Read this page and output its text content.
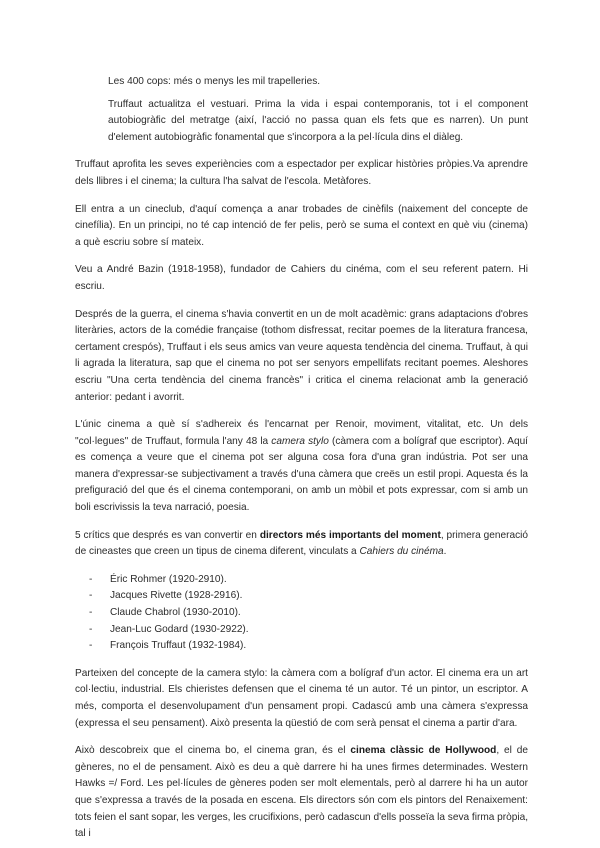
Les 400 cops: més o menys les mil trapelleries.

Truffaut actualitza el vestuari. Prima la vida i espai contemporanis, tot i el component autobiogràfic del metratge (així, l'acció no passa quan els fets que es narren). Un punt d'element autobiogràfic fonamental que s'incorpora a la pel·lícula dins el diàleg.

Truffaut aprofita les seves experiències com a espectador per explicar històries pròpies.Va aprendre dels llibres i el cinema; la cultura l'ha salvat de l'escola. Metàfores.

Ell entra a un cineclub, d'aquí comença a anar trobades de cinèfils (naixement del concepte de cinefília). En un principi, no té cap intenció de fer pelis, però se suma el context en què viu (cinema) a què escriu sobre sí mateix.

Veu a André Bazin (1918-1958), fundador de Cahiers du cinéma, com el seu referent patern. Hi escriu.

Després de la guerra, el cinema s'havia convertit en un de molt acadèmic: grans adaptacions d'obres literàries, actors de la comédie française (tothom disfressat, recitar poemes de la literatura francesa, certament crespós), Truffaut i els seus amics van veure aquesta tendència del cinema. Truffaut, à qui li agrada la literatura, sap que el cinema no pot ser senyors empellifats recitant poemes. Aleshores escriu "Una certa tendència del cinema francès" i critica el cinema relacionat amb la generació anterior: pedant i avorrit.

L'únic cinema a què sí s'adhereix és l'encarnat per Renoir, moviment, vitalitat, etc. Un dels "col·legues" de Truffaut, formula l'any 48 la camera stylo (càmera com a bolígraf que escriptor). Aquí es comença a veure que el cinema pot ser alguna cosa fora d'una gran indústria. Pot ser una manera d'expressar-se subjectivament a través d'una càmera que creës un estil propi. Aquesta és la prefiguració del que és el cinema contemporani, on amb un mòbil et pots expressar, com si amb un boli escrivissis la teva narració, poesia.

5 crítics que després es van convertir en directors més importants del moment, primera generació de cineastes que creen un tipus de cinema diferent, vinculats a Cahiers du cinéma.

- Éric Rohmer (1920-2910).
- Jacques Rivette (1928-2916).
- Claude Chabrol (1930-2010).
- Jean-Luc Godard (1930-2922).
- François Truffaut (1932-1984).

Parteixen del concepte de la camera stylo: la càmera com a bolígraf d'un actor. El cinema era un art col·lectiu, industrial. Els chieristes defensen que el cinema té un autor. Té un pintor, un escriptor. A més, comporta el desenvolupament d'un pensament propi. Cadascú amb una càmera s'expressa (expressa el seu pensament). Això presenta la qüestió de com serà pensat el cinema a partir d'ara.

Això descobreix que el cinema bo, el cinema gran, és el cinema clàssic de Hollywood, el de gèneres, no el de pensament. Això es deu a què darrere hi ha unes firmes determinades. Western Hawks =/ Ford. Les pel·lícules de gèneres poden ser molt elementals, però al darrere hi ha un autor que s'expressa a través de la posada en escena. Els directors són com els pintors del Renaixement: tots feien el sant sopar, les verges, les crucifixions, però cadascun d'ells posseïa la seva firma pròpia, tal i
